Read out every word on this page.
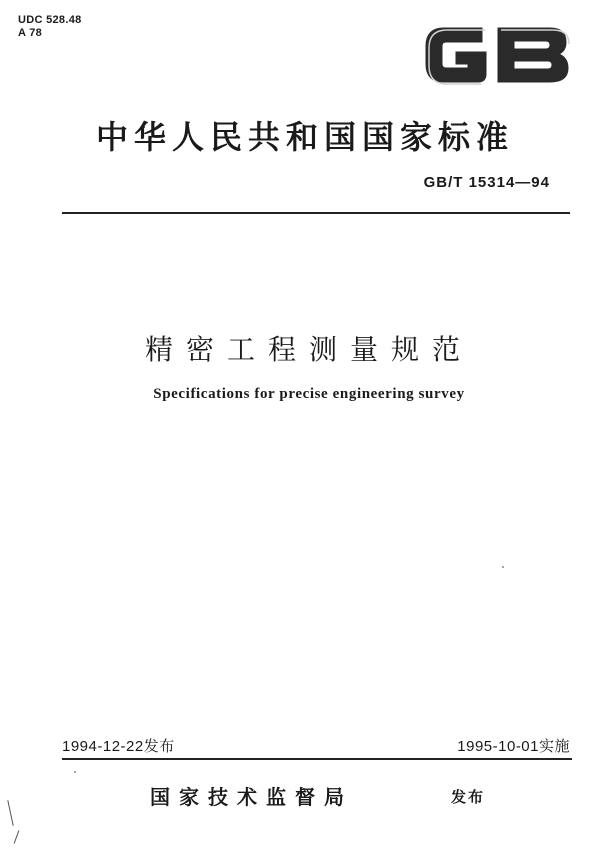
UDC 528.48
A 78
中华人民共和国国家标准
GB/T 15314—94
精密工程测量规范
Specifications for precise engineering survey
1994-12-22发布	1995-10-01实施
国家技术监督局	发布
